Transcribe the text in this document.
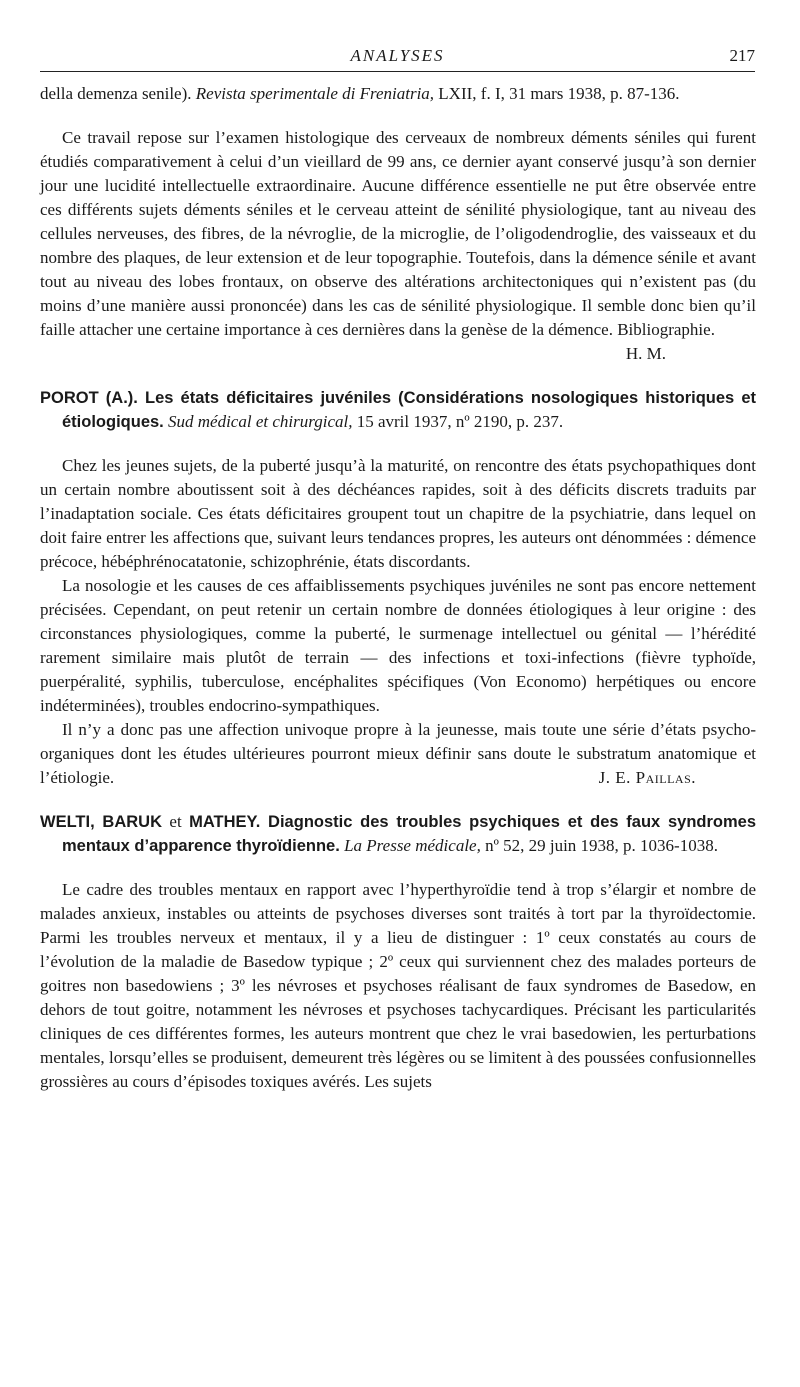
ANALYSES	217

della demenza senile). Revista sperimentale di Freniatria, LXII, f. I, 31 mars 1938, p. 87-136.

Ce travail repose sur l’examen histologique des cerveaux de nombreux déments séniles qui furent étudiés comparativement à celui d’un vieillard de 99 ans, ce dernier ayant conservé jusqu’à son dernier jour une lucidité intellectuelle extraordinaire. Aucune différence essentielle ne put être observée entre ces différents sujets déments séniles et le cerveau atteint de sénilité physiologique, tant au niveau des cellules nerveuses, des fibres, de la névroglie, de la microglie, de l’oligodendroglie, des vaisseaux et du nombre des plaques, de leur extension et de leur topographie. Toutefois, dans la démence sénile et avant tout au niveau des lobes frontaux, on observe des altérations architectoniques qui n’existent pas (du moins d’une manière aussi prononcée) dans les cas de sénilité physiologique. Il semble donc bien qu’il faille attacher une certaine importance à ces dernières dans la genèse de la démence. Bibliographie.

H. M.

POROT (A.). Les états déficitaires juvéniles (Considérations nosologiques historiques et étiologiques. Sud médical et chirurgical, 15 avril 1937, nº 2190, p. 237.

Chez les jeunes sujets, de la puberté jusqu’à la maturité, on rencontre des états psychopathiques dont un certain nombre aboutissent soit à des déchéances rapides, soit à des déficits discrets traduits par l’inadaptation sociale. Ces états déficitaires groupent tout un chapitre de la psychiatrie, dans lequel on doit faire entrer les affections que, suivant leurs tendances propres, les auteurs ont dénommées : démence précoce, hébéphrénocatatonie, schizophrénie, états discordants.

La nosologie et les causes de ces affaiblissements psychiques juvéniles ne sont pas encore nettement précisées. Cependant, on peut retenir un certain nombre de données étiologiques à leur origine : des circonstances physiologiques, comme la puberté, le surmenage intellectuel ou génital — l’hérédité rarement similaire mais plutôt de terrain — des infections et toxi-infections (fièvre typhoïde, puerpéralité, syphilis, tuberculose, encéphalites spécifiques (Von Economo) herpétiques ou encore indéterminées), troubles endocrino-sympathiques.

Il n’y a donc pas une affection univoque propre à la jeunesse, mais toute une série d’états psycho-organiques dont les études ultérieures pourront mieux définir sans doute le substratum anatomique et l’étiologie.	J. E. Paillas.

WELTI, BARUK et MATHEY. Diagnostic des troubles psychiques et des faux syndromes mentaux d’apparence thyroïdienne. La Presse médicale, nº 52, 29 juin 1938, p. 1036-1038.

Le cadre des troubles mentaux en rapport avec l’hyperthyroïdie tend à trop s’élargir et nombre de malades anxieux, instables ou atteints de psychoses diverses sont traités à tort par la thyroïdectomie. Parmi les troubles nerveux et mentaux, il y a lieu de distinguer : 1º ceux constatés au cours de l’évolution de la maladie de Basedow typique ; 2º ceux qui surviennent chez des malades porteurs de goitres non basedowiens ; 3º les névroses et psychoses réalisant de faux syndromes de Basedow, en dehors de tout goitre, notamment les névroses et psychoses tachycardiques. Précisant les particularités cliniques de ces différentes formes, les auteurs montrent que chez le vrai basedowien, les perturbations mentales, lorsqu’elles se produisent, demeurent très légères ou se limitent à des poussées confusionnelles grossières au cours d’épisodes toxiques avérés. Les sujets
